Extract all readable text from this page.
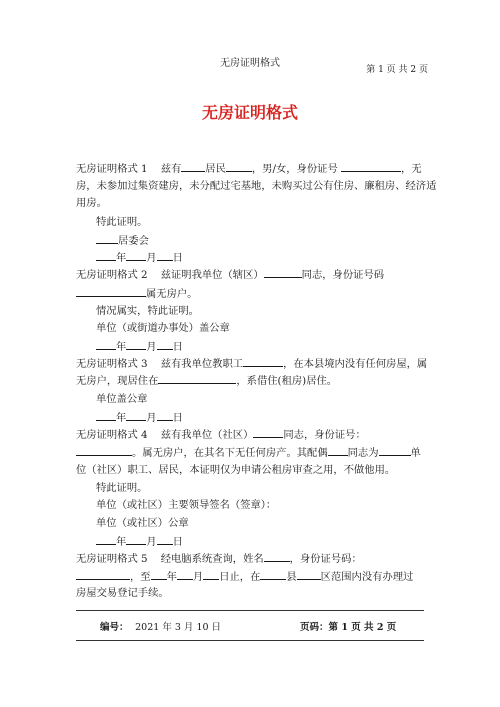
无房证明格式
第 1 页 共 2 页
无房证明格式
无房证明格式 1 兹有 居民	，男/女，身份证号	，无
房，未参加过集资建房，未分配过宅基地，未购买过公有住房、廉租房、经济适
用房。
特此证明。
居委会
年 月 日
无房证明格式 2 兹证明我单位（辖区）	同志，身份证号码
属无房户。
情况属实，特此证明。
单位（或街道办事处）盖公章
年 月 日
无房证明格式 3 兹有我单位教职工	，在本县境内没有任何房屋，属
无房户，现居住在	，系借住(租房)居住。
单位盖公章
年 月 日
无房证明格式 4 兹有我单位（社区）	同志，身份证号：
。属无房户，在其名下无任何房产。其配偶 同志为	单
位（社区）职工、居民，本证明仅为申请公租房审查之用，不做他用。
特此证明。
单位（或社区）主要领导签名（签章）：
单位（或社区）公章
年 月 日
无房证明格式 5 经电脑系统查询，姓名	，身份证号码：
，至 年 月 日止，在	县 区范围内没有办理过
房屋交易登记手续。
编号： 2021 年 3 月 10 日	页码：第 1 页 共 2 页
